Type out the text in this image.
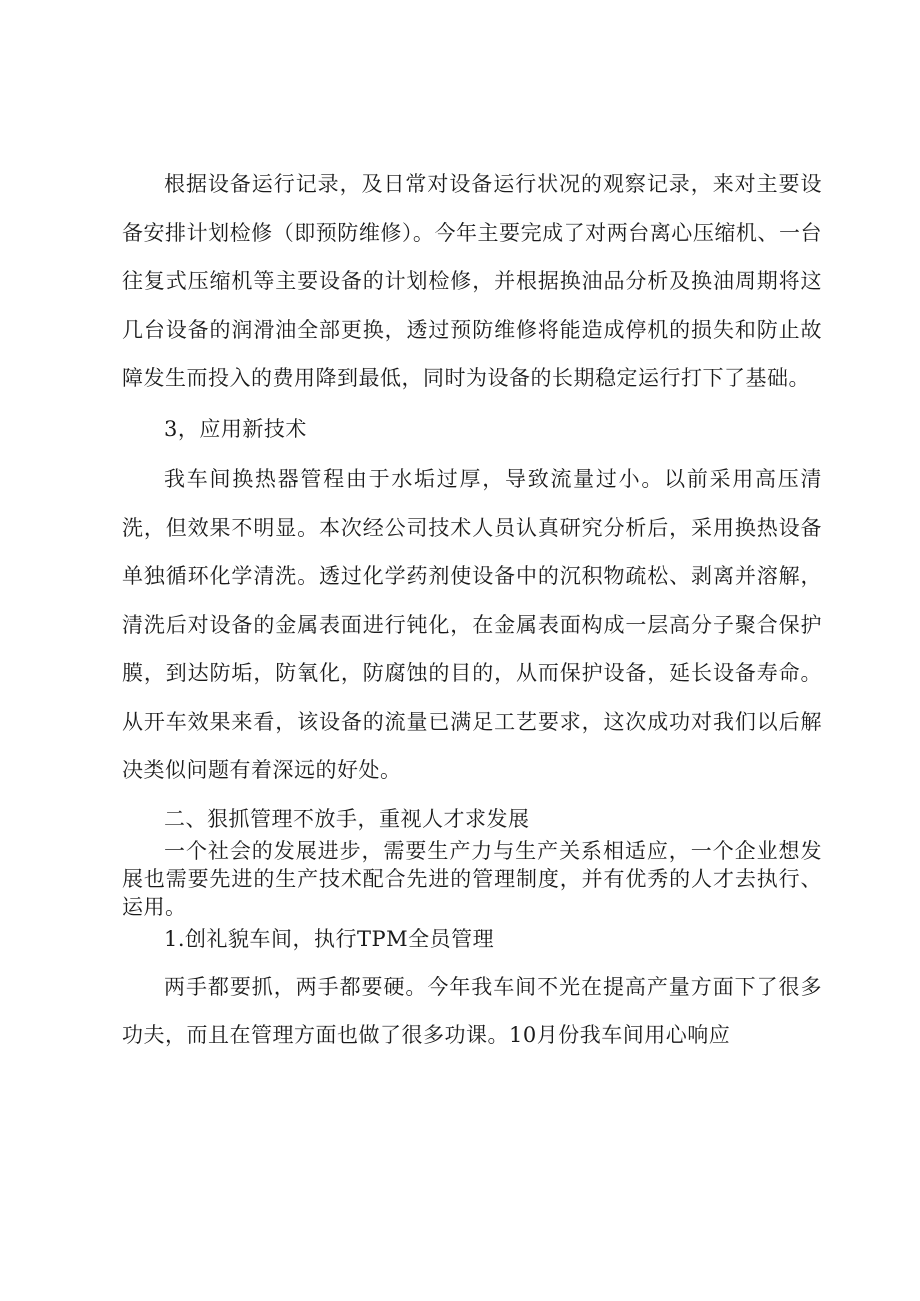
根据设备运行记录，及日常对设备运行状况的观察记录，来对主要设备安排计划检修（即预防维修）。今年主要完成了对两台离心压缩机、一台往复式压缩机等主要设备的计划检修，并根据换油品分析及换油周期将这几台设备的润滑油全部更换，透过预防维修将能造成停机的损失和防止故障发生而投入的费用降到最低，同时为设备的长期稳定运行打下了基础。

3，应用新技术

我车间换热器管程由于水垢过厚，导致流量过小。以前采用高压清洗，但效果不明显。本次经公司技术人员认真研究分析后，采用换热设备单独循环化学清洗。透过化学药剂使设备中的沉积物疏松、剥离并溶解，清洗后对设备的金属表面进行钝化，在金属表面构成一层高分子聚合保护膜，到达防垢，防氧化，防腐蚀的目的，从而保护设备，延长设备寿命。从开车效果来看，该设备的流量已满足工艺要求，这次成功对我们以后解决类似问题有着深远的好处。

二、狠抓管理不放手，重视人才求发展

一个社会的发展进步，需要生产力与生产关系相适应，一个企业想发展也需要先进的生产技术配合先进的管理制度，并有优秀的人才去执行、运用。

1.创礼貌车间，执行TPM全员管理

两手都要抓，两手都要硬。今年我车间不光在提高产量方面下了很多功夫，而且在管理方面也做了很多功课。10月份我车间用心响应
